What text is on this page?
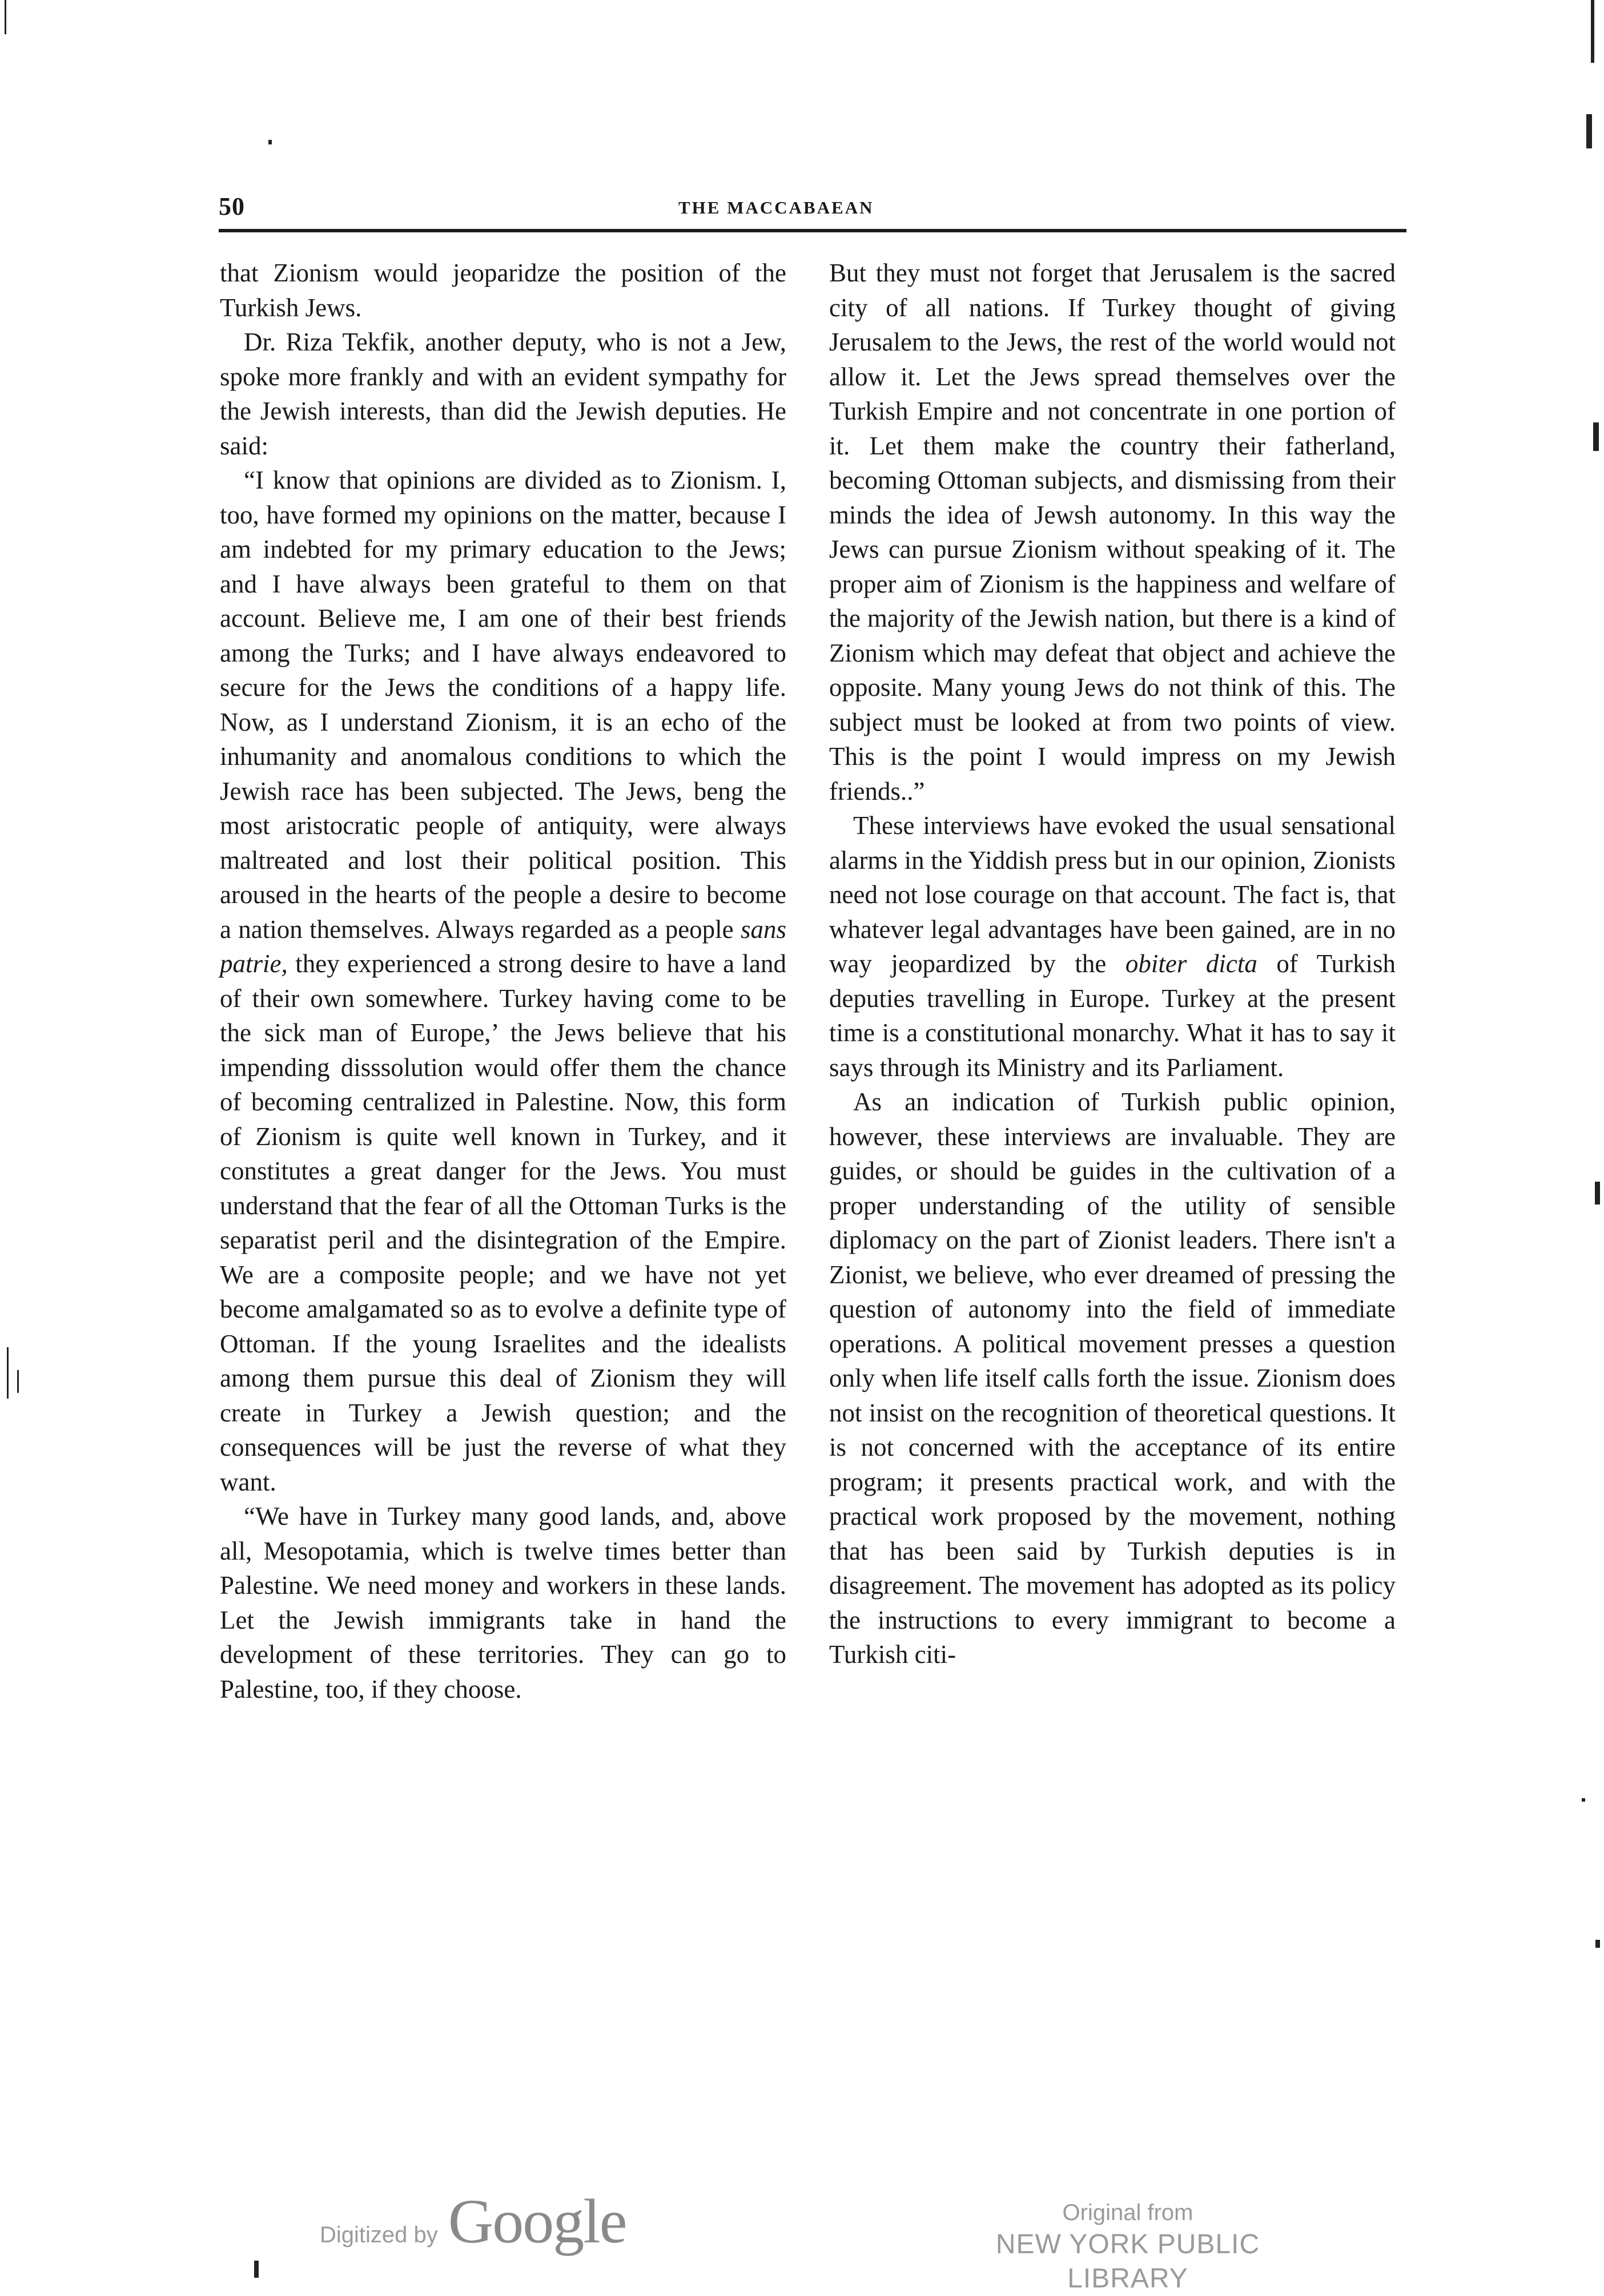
50	THE MACCABAEAN

that Zionism would jeoparidze the position of the Turkish Jews.

Dr. Riza Tekfik, another deputy, who is not a Jew, spoke more frankly and with an evident sympathy for the Jewish interests, than did the Jewish deputies. He said:

“I know that opinions are divided as to Zionism. I, too, have formed my opinions on the matter, because I am indebted for my primary education to the Jews; and I have always been grateful to them on that account. Believe me, I am one of their best friends among the Turks; and I have always endeavored to secure for the Jews the conditions of a happy life. Now, as I understand Zionism, it is an echo of the inhumanity and anomalous conditions to which the Jewish race has been subjected. The Jews, beng the most aristocratic people of antiquity, were always maltreated and lost their political position. This aroused in the hearts of the people a desire to become a nation themselves. Always regarded as a people sans patrie, they experienced a strong desire to have a land of their own somewhere. Turkey having come to be the sick man of Europe,’ the Jews believe that his impending disssolution would offer them the chance of becoming centralized in Palestine. Now, this form of Zionism is quite well known in Turkey, and it constitutes a great danger for the Jews. You must understand that the fear of all the Ottoman Turks is the separatist peril and the disintegration of the Empire. We are a composite people; and we have not yet become amalgamated so as to evolve a definite type of Ottoman. If the young Israelites and the idealists among them pursue this deal of Zionism they will create in Turkey a Jewish question; and the consequences will be just the reverse of what they want.

“We have in Turkey many good lands, and, above all, Mesopotamia, which is twelve times better than Palestine. We need money and workers in these lands. Let the Jewish immigrants take in hand the development of these territories. They can go to Palestine, too, if they choose.

But they must not forget that Jerusalem is the sacred city of all nations. If Turkey thought of giving Jerusalem to the Jews, the rest of the world would not allow it. Let the Jews spread themselves over the Turkish Empire and not concentrate in one portion of it. Let them make the country their fatherland, becoming Ottoman subjects, and dismissing from their minds the idea of Jewsh autonomy. In this way the Jews can pursue Zionism without speaking of it. The proper aim of Zionism is the happiness and welfare of the majority of the Jewish nation, but there is a kind of Zionism which may defeat that object and achieve the opposite. Many young Jews do not think of this. The subject must be looked at from two points of view. This is the point I would impress on my Jewish friends..”

These interviews have evoked the usual sensational alarms in the Yiddish press but in our opinion, Zionists need not lose courage on that account. The fact is, that whatever legal advantages have been gained, are in no way jeopardized by the obiter dicta of Turkish deputies travelling in Europe. Turkey at the present time is a constitutional monarchy. What it has to say it says through its Ministry and its Parliament.

As an indication of Turkish public opinion, however, these interviews are invaluable. They are guides, or should be guides in the cultivation of a proper understanding of the utility of sensible diplomacy on the part of Zionist leaders. There isn't a Zionist, we believe, who ever dreamed of pressing the question of autonomy into the field of immediate operations. A political movement presses a question only when life itself calls forth the issue. Zionism does not insist on the recognition of theoretical questions. It is not concerned with the acceptance of its entire program; it presents practical work, and with the practical work proposed by the movement, nothing that has been said by Turkish deputies is in disagreement. The movement has adopted as its policy the instructions to every immigrant to become a Turkish citi-

Digitized by Google	Original from
NEW YORK PUBLIC LIBRARY
